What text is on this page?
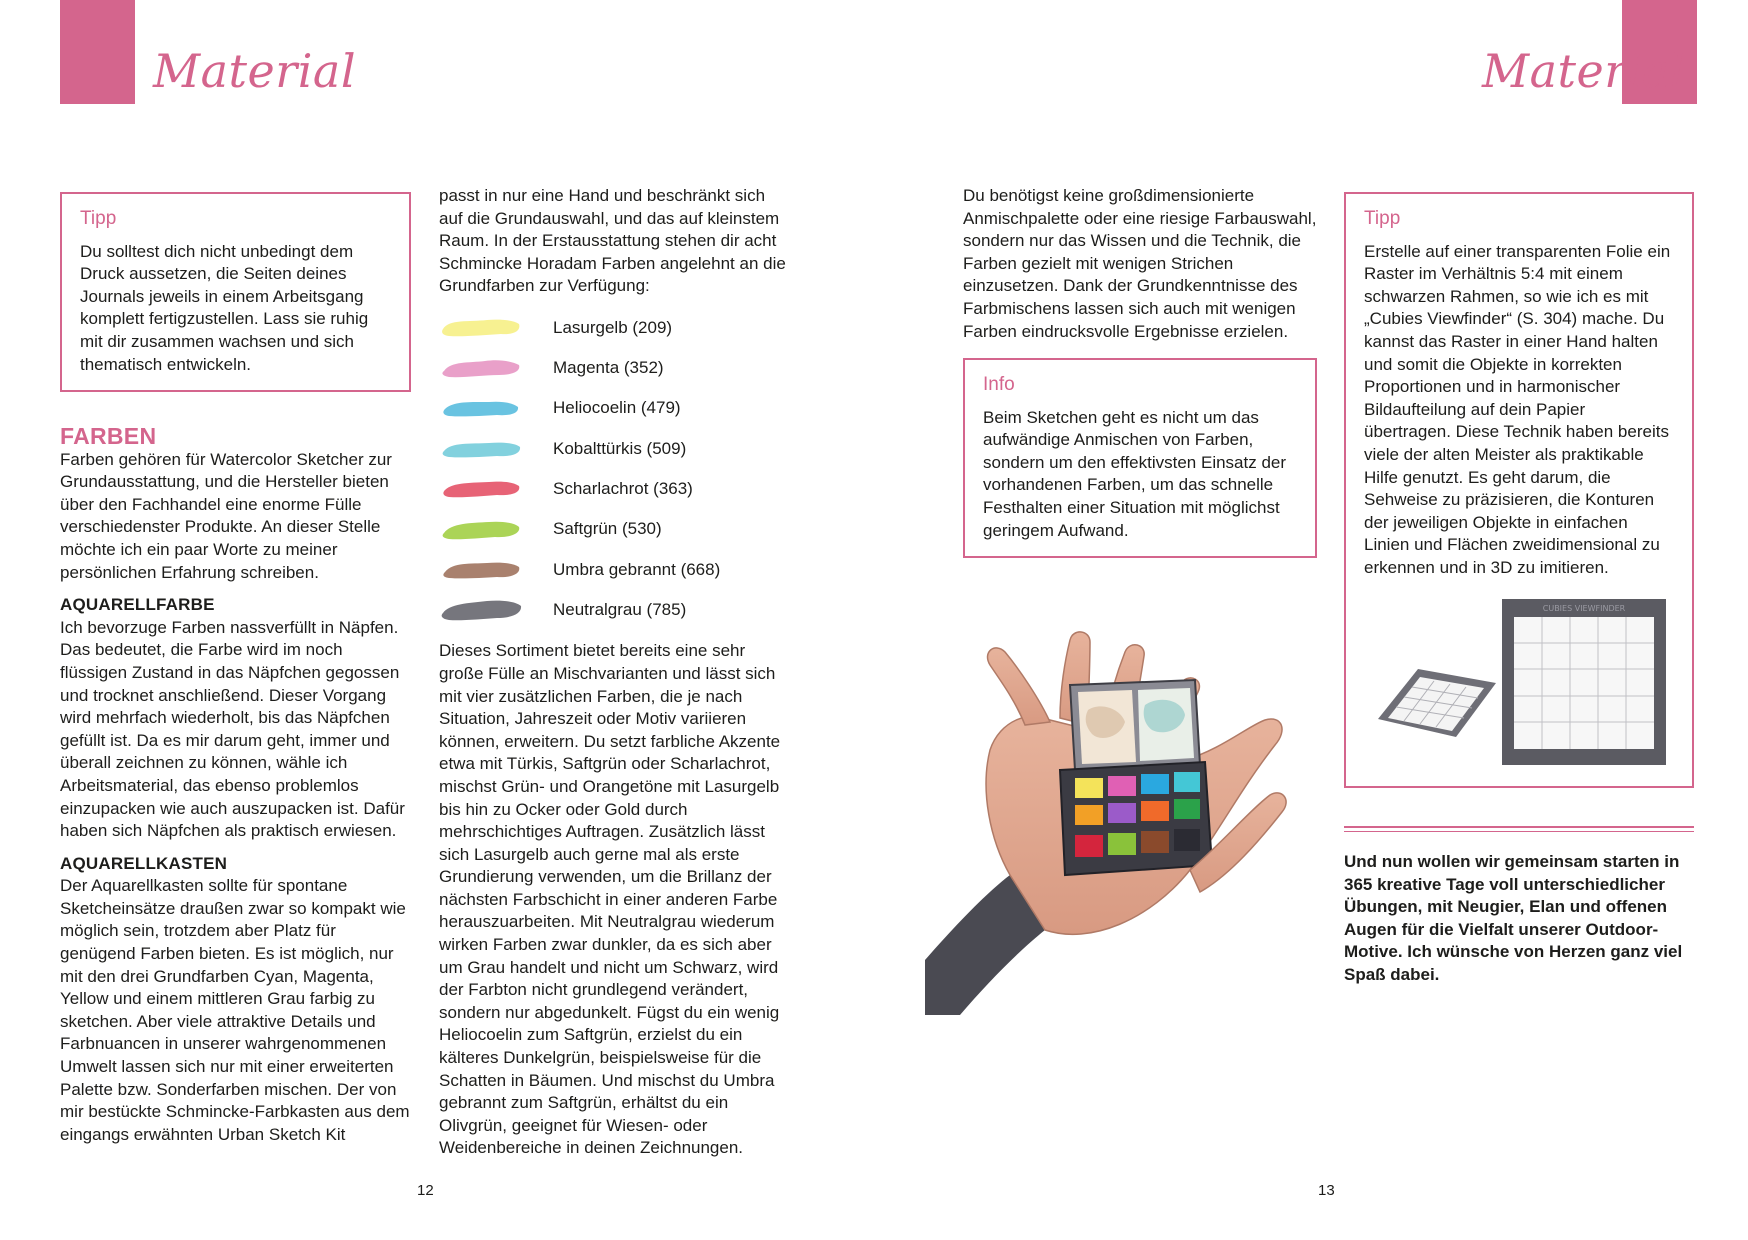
Material	Material
Tipp

Du solltest dich nicht unbedingt dem Druck aussetzen, die Seiten deines Journals jeweils in einem Arbeitsgang komplett fertigzustellen. Lass sie ruhig mit dir zusammen wachsen und sich thematisch entwickeln.

FARBEN

Farben gehören für Watercolor Sketcher zur Grundausstattung, und die Hersteller bieten über den Fachhandel eine enorme Fülle verschiedenster Produkte. An dieser Stelle möchte ich ein paar Worte zu meiner persönlichen Erfahrung schreiben.

AQUARELLFARBE

Ich bevorzuge Farben nassverfüllt in Näpfen. Das bedeutet, die Farbe wird im noch flüssigen Zustand in das Näpfchen gegossen und trocknet anschließend. Dieser Vorgang wird mehrfach wiederholt, bis das Näpfchen gefüllt ist. Da es mir darum geht, immer und überall zeichnen zu können, wähle ich Arbeitsmaterial, das ebenso problemlos einzupacken wie auch auszupacken ist. Dafür haben sich Näpfchen als praktisch erwiesen.

AQUARELLKASTEN

Der Aquarellkasten sollte für spontane Sketcheinsätze draußen zwar so kompakt wie möglich sein, trotzdem aber Platz für genügend Farben bieten. Es ist möglich, nur mit den drei Grundfarben Cyan, Magenta, Yellow und einem mittleren Grau farbig zu sketchen. Aber viele attraktive Details und Farbnuancen in unserer wahrgenommenen Umwelt lassen sich nur mit einer erweiterten Palette bzw. Sonderfarben mischen. Der von mir bestückte Schmincke-Farbkasten aus dem eingangs erwähnten Urban Sketch Kit

passt in nur eine Hand und beschränkt sich auf die Grundauswahl, und das auf kleinstem Raum. In der Erstausstattung stehen dir acht Schmincke Horadam Farben angelehnt an die Grundfarben zur Verfügung:

Lasurgelb (209)
Magenta (352)
Heliocoelin (479)
Kobalttürkis (509)
Scharlachrot (363)
Saftgrün (530)
Umbra gebrannt (668)
Neutralgrau (785)

Dieses Sortiment bietet bereits eine sehr große Fülle an Mischvarianten und lässt sich mit vier zusätzlichen Farben, die je nach Situation, Jahreszeit oder Motiv variieren können, erweitern. Du setzt farbliche Akzente etwa mit Türkis, Saftgrün oder Scharlachrot, mischst Grün- und Orangetöne mit Lasurgelb bis hin zu Ocker oder Gold durch mehrschichtiges Auftragen. Zusätzlich lässt sich Lasurgelb auch gerne mal als erste Grundierung verwenden, um die Brillanz der nächsten Farbschicht in einer anderen Farbe herauszuarbeiten. Mit Neutralgrau wiederum wirken Farben zwar dunkler, da es sich aber um Grau handelt und nicht um Schwarz, wird der Farbton nicht grundlegend verändert, sondern nur abgedunkelt. Fügst du ein wenig Heliocoelin zum Saftgrün, erzielst du ein kälteres Dunkelgrün, beispielsweise für die Schatten in Bäumen. Und mischst du Umbra gebrannt zum Saftgrün, erhältst du ein Olivgrün, geeignet für Wiesen- oder Weidenbereiche in deinen Zeichnungen.

12

Du benötigst keine großdimensionierte Anmischpalette oder eine riesige Farbauswahl, sondern nur das Wissen und die Technik, die Farben gezielt mit wenigen Strichen einzusetzen. Dank der Grundkenntnisse des Farbmischens lassen sich auch mit wenigen Farben eindrucksvolle Ergebnisse erzielen.

Info

Beim Sketchen geht es nicht um das aufwändige Anmischen von Farben, sondern um den effektivsten Einsatz der vorhandenen Farben, um das schnelle Festhalten einer Situation mit möglichst geringem Aufwand.

Tipp

Erstelle auf einer transparenten Folie ein Raster im Verhältnis 5:4 mit einem schwarzen Rahmen, so wie ich es mit „Cubies Viewfinder“ (S. 304) mache. Du kannst das Raster in einer Hand halten und somit die Objekte in korrekten Proportionen und in harmonischer Bildaufteilung auf dein Papier übertragen. Diese Technik haben bereits viele der alten Meister als praktikable Hilfe genutzt. Es geht darum, die Sehweise zu präzisieren, die Konturen der jeweiligen Objekte in einfachen Linien und Flächen zweidimensional zu erkennen und in 3D zu imitieren.

CUBIES VIEWFINDER
Und nun wollen wir gemeinsam starten in 365 kreative Tage voll unterschiedlicher Übungen, mit Neugier, Elan und offenen Augen für die Vielfalt unserer Outdoor-Motive. Ich wünsche von Herzen ganz viel Spaß dabei.
13
